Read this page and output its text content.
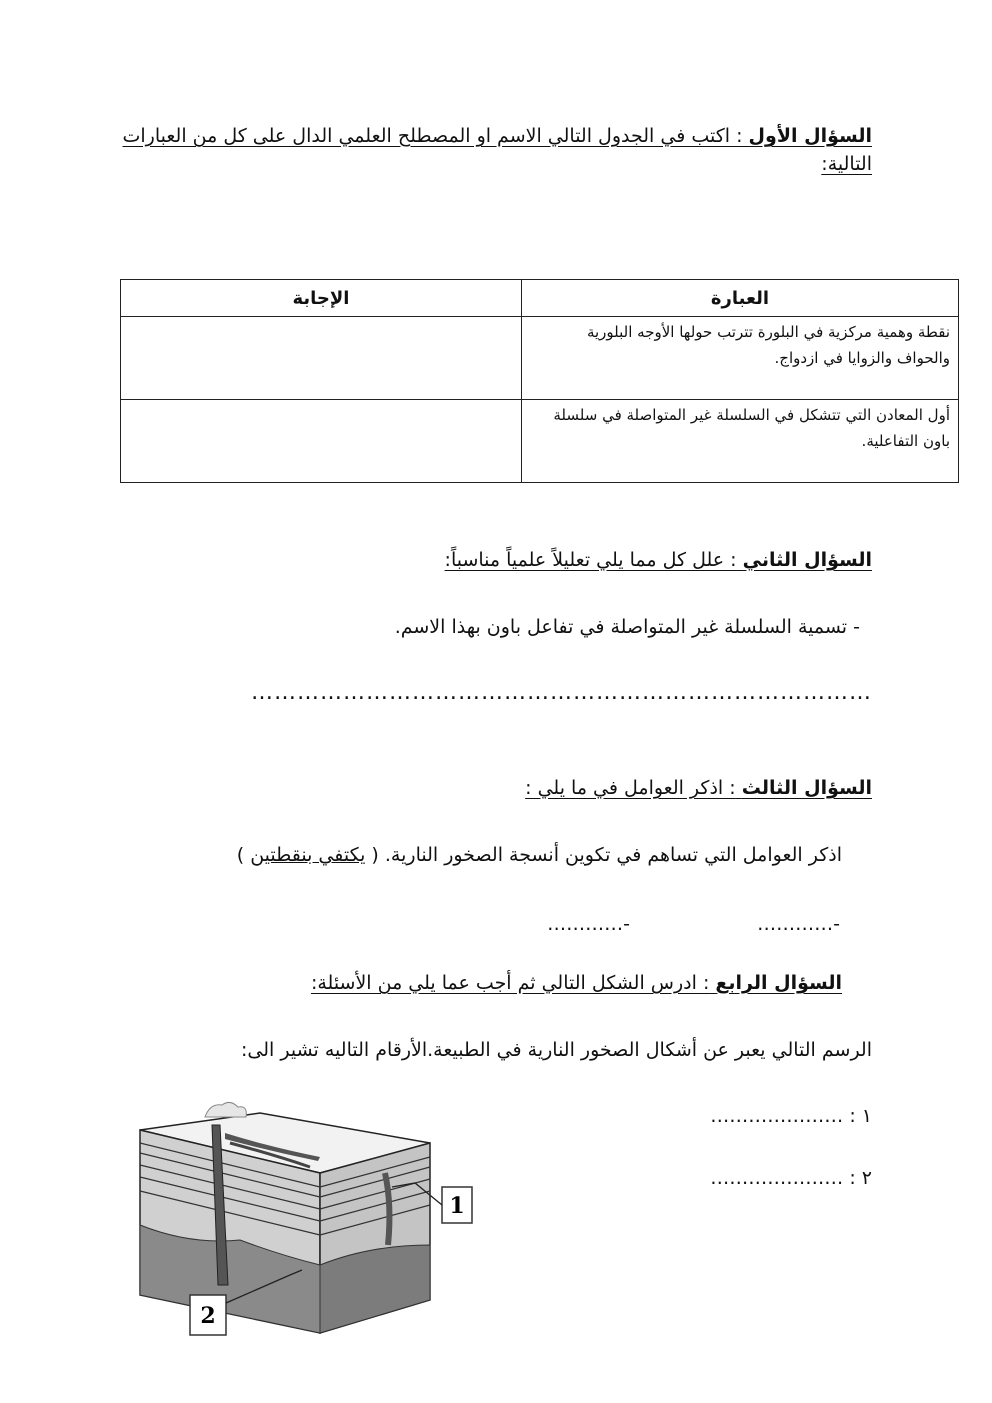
السؤال الأول : اكتب في الجدول التالي الاسم او المصطلح العلمي الدال على كل من العبارات التالية:
العبارة	الإجابة
نقطة وهمية مركزية في البلورة تترتب حولها الأوجه البلورية والحواف والزوايا في ازدواج.	
أول المعادن التي تتشكل في السلسلة غير المتواصلة في سلسلة باون التفاعلية.	
السؤال الثاني : علل كل مما يلي تعليلاً علمياً مناسباً:
- تسمية السلسلة غير المتواصلة في تفاعل باون بهذا الاسم.
………………………………………………………………………
السؤال الثالث : اذكر العوامل في ما يلي :
اذكر العوامل التي تساهم في تكوين أنسجة الصخور النارية. ( يكتفي بنقطتين )
-…………
-…………
السؤال الرابع : ادرس الشكل التالي ثم أجب عما يلي من الأسئلة:
الرسم التالي يعبر عن أشكال الصخور النارية في الطبيعة.الأرقام التاليه تشير الى:
١ : …………………
٢ : …………………
1
2
